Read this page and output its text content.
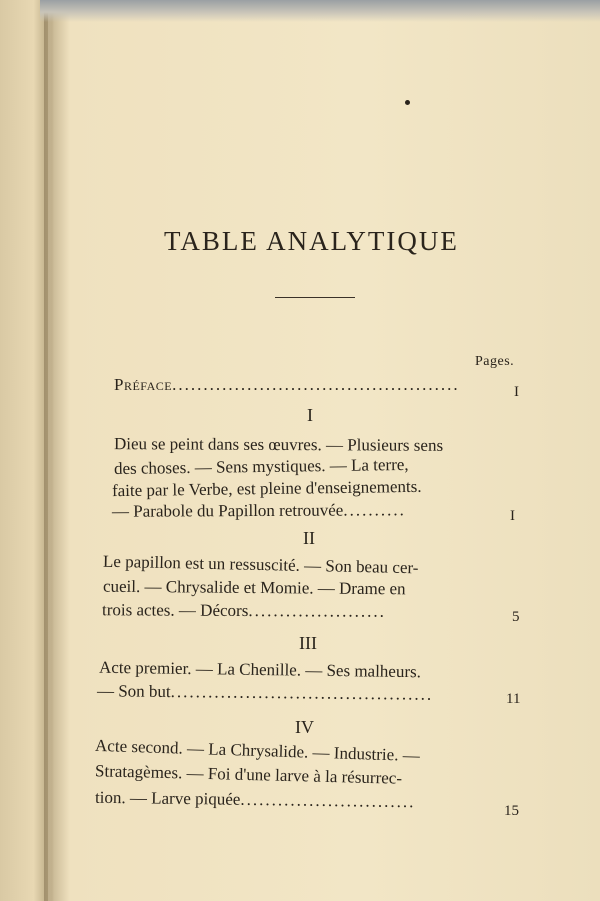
TABLE ANALYTIQUE
Pages.
Préface..............................................	I
I
Dieu se peint dans ses œuvres. — Plusieurs sens
des choses. — Sens mystiques. — La terre,
faite par le Verbe, est pleine d'enseignements.
— Parabole du Papillon retrouvée..........	I
II
Le papillon est un ressuscité. — Son beau cer-
cueil. — Chrysalide et Momie. — Drame en
trois actes. — Décors......................	5
III
Acte premier. — La Chenille. — Ses malheurs.
— Son but..........................................	11
IV
Acte second. — La Chrysalide. — Industrie. —
Stratagèmes. — Foi d'une larve à la résurrec-
tion. — Larve piquée............................	15
